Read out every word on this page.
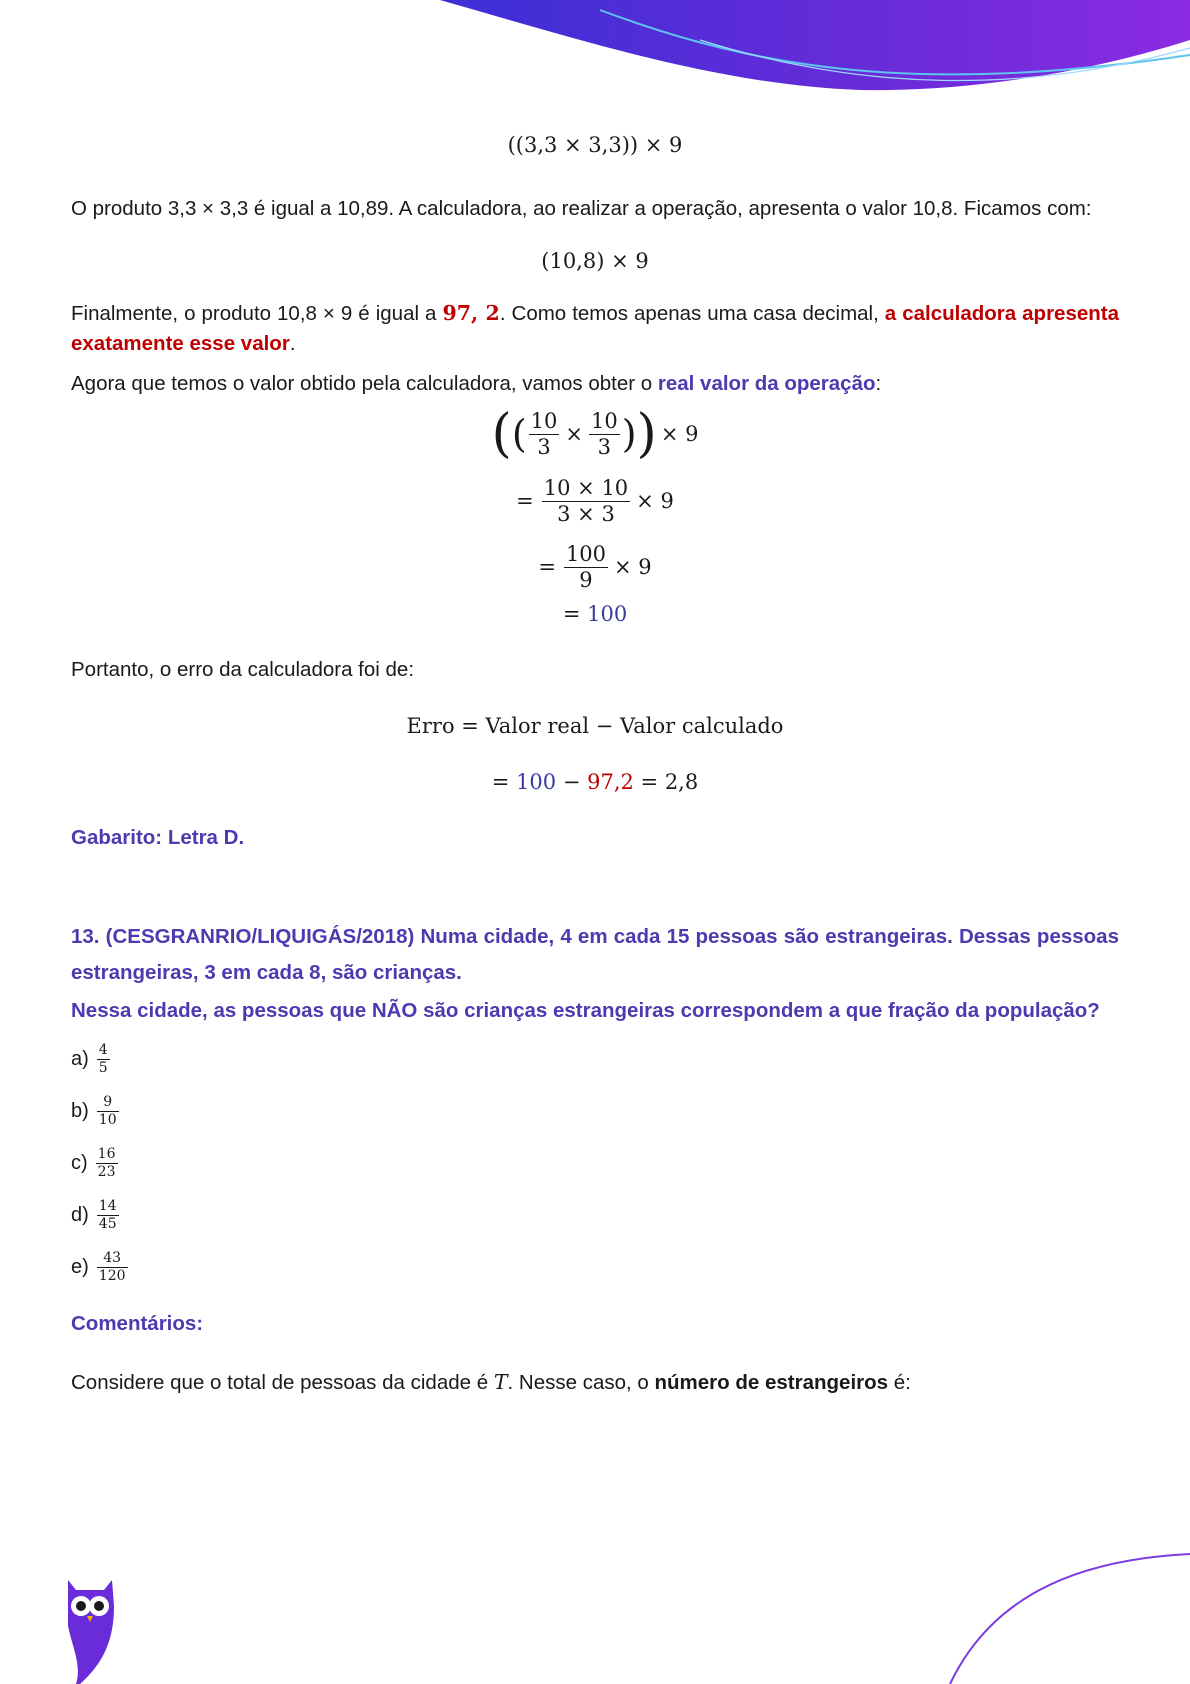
((3,3 × 3,3)) × 9

O produto 3,3 × 3,3 é igual a 10,89. A calculadora, ao realizar a operação, apresenta o valor 10,8. Ficamos com:

(10,8) × 9

Finalmente, o produto 10,8 × 9 é igual a 97, 2. Como temos apenas uma casa decimal, a calculadora apresenta exatamente esse valor.

Agora que temos o valor obtido pela calculadora, vamos obter o real valor da operação:

( ( $\frac{10}{3} \times \frac{10}{3}$ ) ) × 9
= $\frac{10 \times 10}{3 \times 3} \times 9$
= $\frac{100}{9} \times 9$
= 100

Portanto, o erro da calculadora foi de:

Erro = Valor real − Valor calculado
= 100 − 97,2 = 2,8

Gabarito: Letra D.

13. (CESGRANRIO/LIQUIGÁS/2018) Numa cidade, 4 em cada 15 pessoas são estrangeiras. Dessas pessoas estrangeiras, 3 em cada 8, são crianças.

Nessa cidade, as pessoas que NÃO são crianças estrangeiras correspondem a que fração da população?

$a) \frac{4}{5}$
$b) \frac{9}{10}$
$c) \frac{16}{23}$
$d) \frac{14}{45}$
$e) \frac{43}{120}$

Comentários:

Considere que o total de pessoas da cidade é T. Nesse caso, o número de estrangeiros é:
